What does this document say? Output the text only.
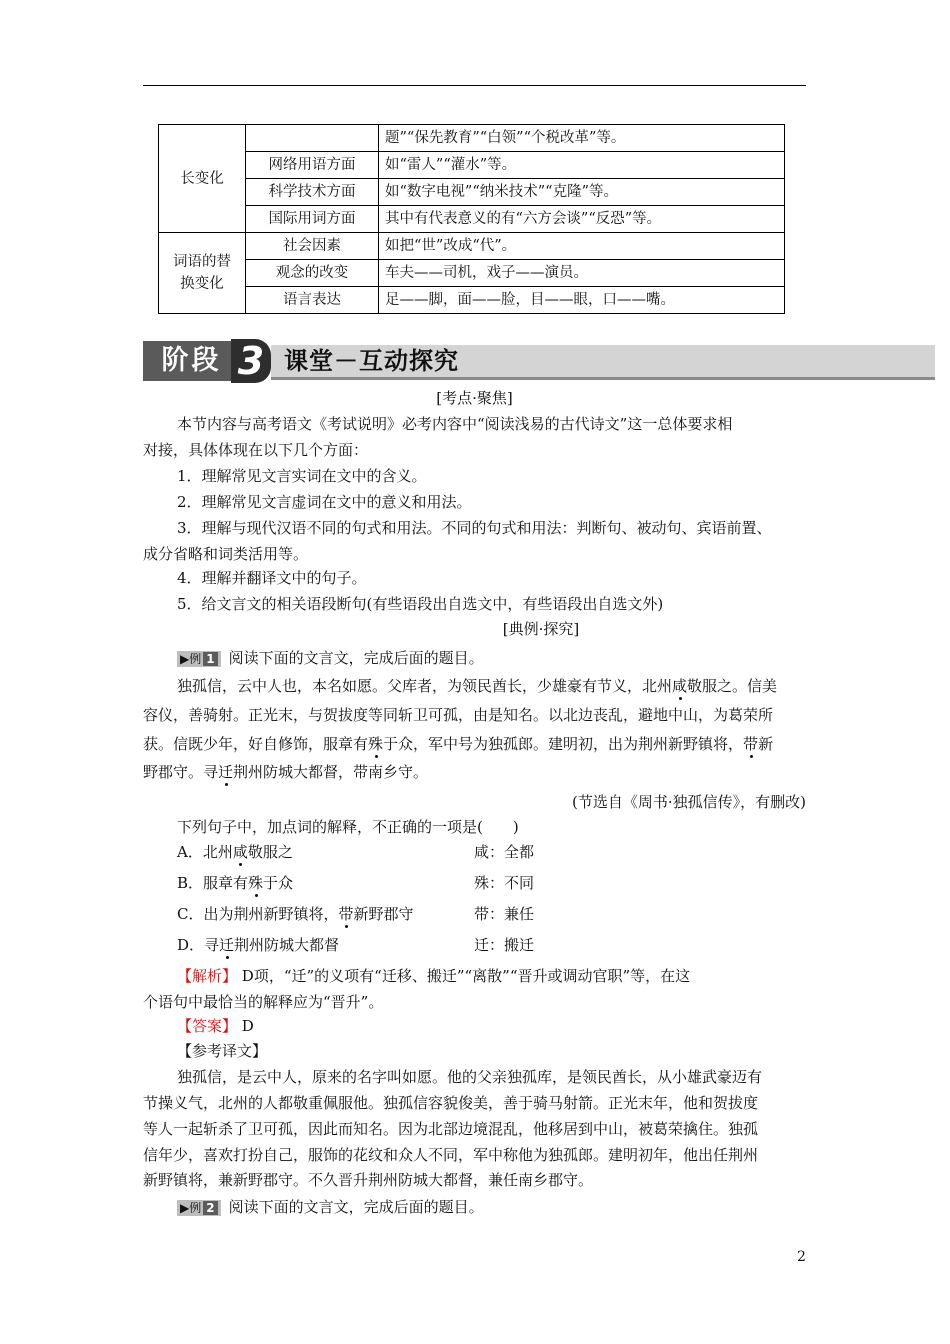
长变化		题”“保先教育”“白领”“个税改革”等。
	网络用语方面	如“雷人”“灌水”等。
	科学技术方面	如“数字电视”“纳米技术”“克隆”等。
	国际用词方面	其中有代表意义的有“六方会谈”“反恐”等。

词语的替换变化	社会因素	如把“世”改成“代”。
	观念的改变	车夫——司机，戏子——演员。
	语言表达	足——脚，面——脸，目——眼，口——嘴。
阶段 3 课堂－互动探究
[考点·聚焦]
本节内容与高考语文《考试说明》必考内容中“阅读浅易的古代诗文”这一总体要求相
对接，具体体现在以下几个方面：
1．理解常见文言实词在文中的含义。
2．理解常见文言虚词在文中的意义和用法。
3．理解与现代汉语不同的句式和用法。不同的句式和用法：判断句、被动句、宾语前置、
成分省略和词类活用等。
4．理解并翻译文中的句子。
5．给文言文的相关语段断句(有些语段出自选文中，有些语段出自选文外)
[典例·探究]
▶例 1 阅读下面的文言文，完成后面的题目。
独孤信，云中人也，本名如愿。父库者，为领民酋长，少雄豪有节义，北州咸敬服之。信美
容仪，善骑射。正光末，与贺拔度等同斩卫可孤，由是知名。以北边丧乱，避地中山，为葛荣所
获。信既少年，好自修饰，服章有殊于众，军中号为独孤郎。建明初，出为荆州新野镇将，带新
野郡守。寻迁荆州防城大都督，带南乡守。
(节选自《周书·独孤信传》，有删改)
下列句子中，加点词的解释，不正确的一项是(　　)
A．北州咸敬服之	咸：全都
B．服章有殊于众	殊：不同
C．出为荆州新野镇将，带新野郡守	带：兼任
D．寻迁荆州防城大都督	迁：搬迁
【解析】 D项，“迁”的义项有“迁移、搬迁”“离散”“晋升或调动官职”等，在这
个语句中最恰当的解释应为“晋升”。
【答案】 D
【参考译文】
独孤信，是云中人，原来的名字叫如愿。他的父亲独孤库，是领民酋长，从小雄武豪迈有
节操义气，北州的人都敬重佩服他。独孤信容貌俊美，善于骑马射箭。正光末年，他和贺拔度
等人一起斩杀了卫可孤，因此而知名。因为北部边境混乱，他移居到中山，被葛荣擒住。独孤
信年少，喜欢打扮自己，服饰的花纹和众人不同，军中称他为独孤郎。建明初年，他出任荆州
新野镇将，兼新野郡守。不久晋升荆州防城大都督，兼任南乡郡守。
▶例 2 阅读下面的文言文，完成后面的题目。
2
